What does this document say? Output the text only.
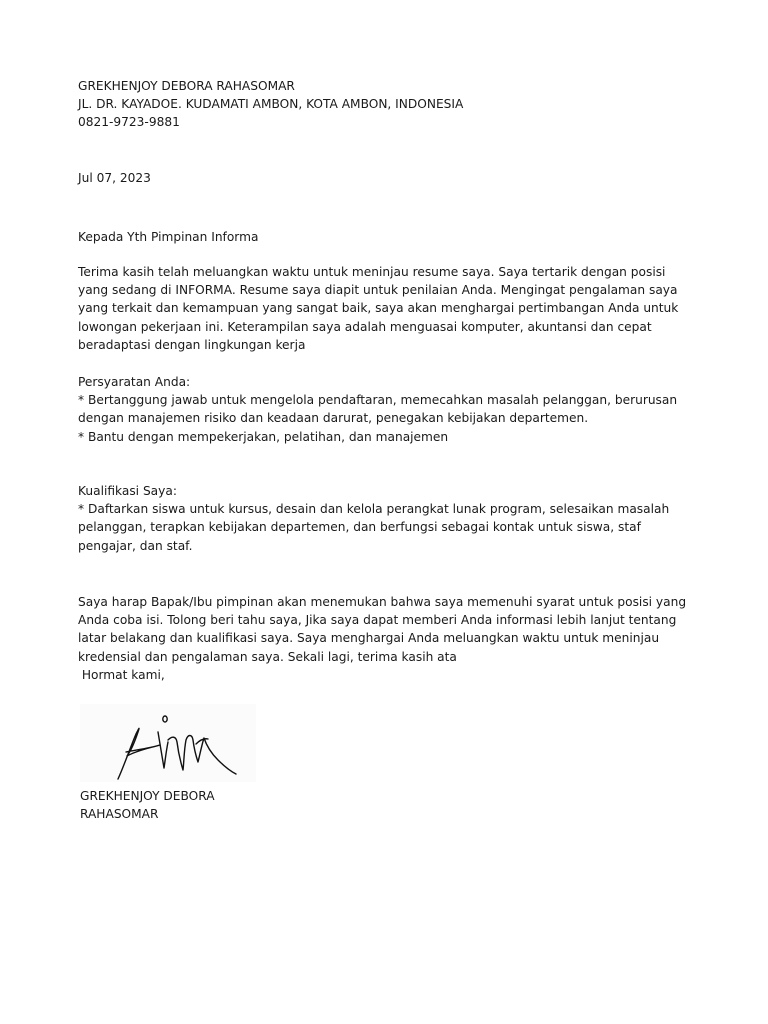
GREKHENJOY DEBORA RAHASOMAR
JL. DR. KAYADOE. KUDAMATI AMBON, KOTA AMBON, INDONESIA
0821-9723-9881
Jul 07, 2023
Kepada Yth Pimpinan Informa
Terima kasih telah meluangkan waktu untuk meninjau resume saya. Saya tertarik dengan posisi
yang sedang di INFORMA. Resume saya diapit untuk penilaian Anda. Mengingat pengalaman saya
yang terkait dan kemampuan yang sangat baik, saya akan menghargai pertimbangan Anda untuk
lowongan pekerjaan ini. Keterampilan saya adalah menguasai komputer, akuntansi dan cepat
beradaptasi dengan lingkungan kerja
Persyaratan Anda:
* Bertanggung jawab untuk mengelola pendaftaran, memecahkan masalah pelanggan, berurusan
dengan manajemen risiko dan keadaan darurat, penegakan kebijakan departemen.
* Bantu dengan mempekerjakan, pelatihan, dan manajemen
Kualifikasi Saya:
* Daftarkan siswa untuk kursus, desain dan kelola perangkat lunak program, selesaikan masalah
pelanggan, terapkan kebijakan departemen, dan berfungsi sebagai kontak untuk siswa, staf
pengajar, dan staf.
Saya harap Bapak/Ibu pimpinan akan menemukan bahwa saya memenuhi syarat untuk posisi yang
Anda coba isi. Tolong beri tahu saya, Jika saya dapat memberi Anda informasi lebih lanjut tentang
latar belakang dan kualifikasi saya. Saya menghargai Anda meluangkan waktu untuk meninjau
kredensial dan pengalaman saya. Sekali lagi, terima kasih ata
Hormat kami,
GREKHENJOY DEBORA
RAHASOMAR
